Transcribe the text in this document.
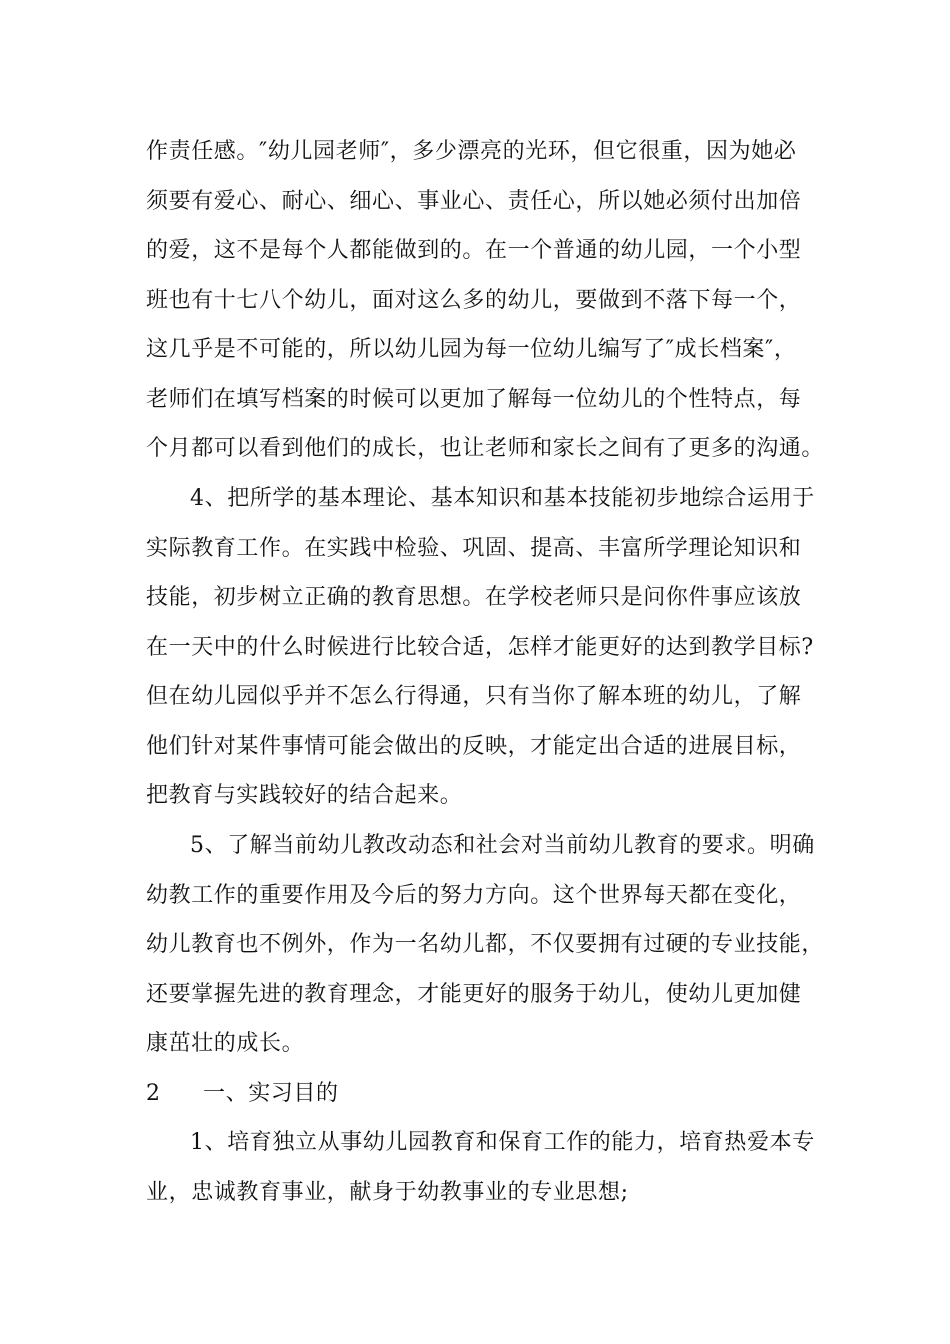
作责任感。″幼儿园老师″，多少漂亮的光环，但它很重，因为她必
须要有爱心、耐心、细心、事业心、责任心，所以她必须付出加倍
的爱，这不是每个人都能做到的。在一个普通的幼儿园，一个小型
班也有十七八个幼儿，面对这么多的幼儿，要做到不落下每一个，
这几乎是不可能的，所以幼儿园为每一位幼儿编写了″成长档案″，
老师们在填写档案的时候可以更加了解每一位幼儿的个性特点，每
个月都可以看到他们的成长，也让老师和家长之间有了更多的沟通。
4、把所学的基本理论、基本知识和基本技能初步地综合运用于
实际教育工作。在实践中检验、巩固、提高、丰富所学理论知识和
技能，初步树立正确的教育思想。在学校老师只是问你件事应该放
在一天中的什么时候进行比较合适，怎样才能更好的达到教学目标?
但在幼儿园似乎并不怎么行得通，只有当你了解本班的幼儿，了解
他们针对某件事情可能会做出的反映，才能定出合适的进展目标，
把教育与实践较好的结合起来。
5、了解当前幼儿教改动态和社会对当前幼儿教育的要求。明确
幼教工作的重要作用及今后的努力方向。这个世界每天都在变化，
幼儿教育也不例外，作为一名幼儿都，不仅要拥有过硬的专业技能，
还要掌握先进的教育理念，才能更好的服务于幼儿，使幼儿更加健
康茁壮的成长。
2 一、实习目的
1、培育独立从事幼儿园教育和保育工作的能力，培育热爱本专
业，忠诚教育事业，献身于幼教事业的专业思想;
